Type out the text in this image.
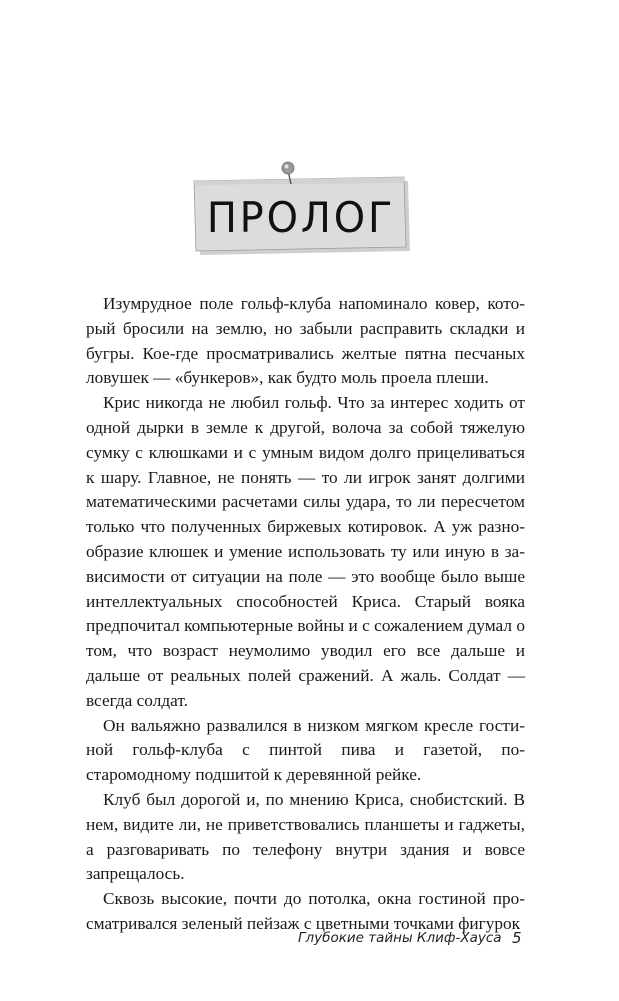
ПРОЛОГ

Изумрудное поле гольф-клуба напоминало ковер, который бросили на землю, но забыли расправить складки и бугры. Кое-где просматривались желтые пятна песчаных ловушек — «бункеров», как будто моль проела плеши.

Крис никогда не любил гольф. Что за интерес ходить от одной дырки в земле к другой, волоча за собой тяжелую сумку с клюшками и с умным видом долго прицеливаться к шару. Главное, не понять — то ли игрок занят долгими математическими расчетами силы удара, то ли пересчетом только что полученных биржевых котировок. А уж разнообразие клюшек и умение использовать ту или иную в зависимости от ситуации на поле — это вообще было выше интеллектуальных способностей Криса. Старый вояка предпочитал компьютерные войны и с сожалением думал о том, что возраст неумолимо уводил его все дальше и дальше от реальных полей сражений. А жаль. Солдат — всегда солдат.

Он вальяжно развалился в низком мягком кресле гостиной гольф-клуба с пинтой пива и газетой, по-старомодному подшитой к деревянной рейке.

Клуб был дорогой и, по мнению Криса, снобистский. В нем, видите ли, не приветствовались планшеты и гаджеты, а разговаривать по телефону внутри здания и вовсе запрещалось.

Сквозь высокие, почти до потолка, окна гостиной просматривался зеленый пейзаж с цветными точками фигурок

Глубокие тайны Клиф-Хауса 5
